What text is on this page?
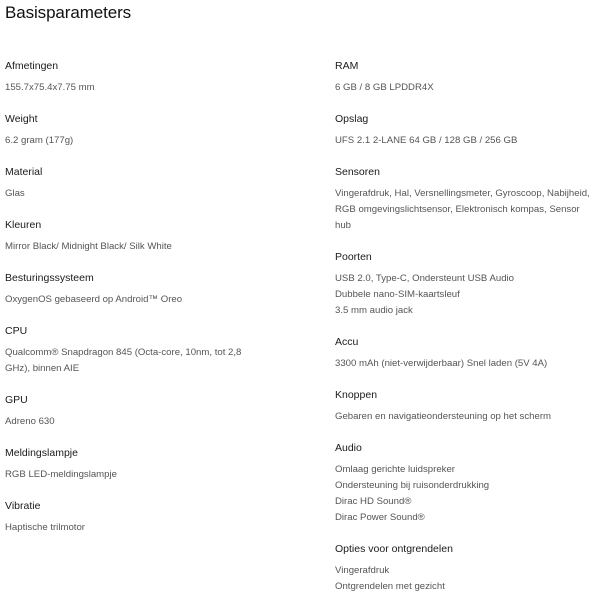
Basisparameters
Afmetingen
155.7x75.4x7.75 mm
Weight
6.2 gram (177g)
Material
Glas
Kleuren
Mirror Black/ Midnight Black/ Silk White
Besturingssysteem
OxygenOS gebaseerd op Android™ Oreo
CPU
Qualcomm® Snapdragon 845 (Octa-core, 10nm, tot 2,8
GHz), binnen AIE
GPU
Adreno 630
Meldingslampje
RGB LED-meldingslampje
Vibratie
Haptische trilmotor
RAM
6 GB / 8 GB LPDDR4X
Opslag
UFS 2.1 2-LANE 64 GB / 128 GB / 256 GB
Sensoren
Vingerafdruk, Hal, Versnellingsmeter, Gyroscoop, Nabijheid,
RGB omgevingslichtsensor, Elektronisch kompas, Sensor
hub
Poorten
USB 2.0, Type-C, Ondersteunt USB Audio
Dubbele nano-SIM-kaartsleuf
3.5 mm audio jack
Accu
3300 mAh (niet-verwijderbaar) Snel laden (5V 4A)
Knoppen
Gebaren en navigatieondersteuning op het scherm
Audio
Omlaag gerichte luidspreker
Ondersteuning bij ruisonderdrukking
Dirac HD Sound®
Dirac Power Sound®
Opties voor ontgrendelen
Vingerafdruk
Ontgrendelen met gezicht
